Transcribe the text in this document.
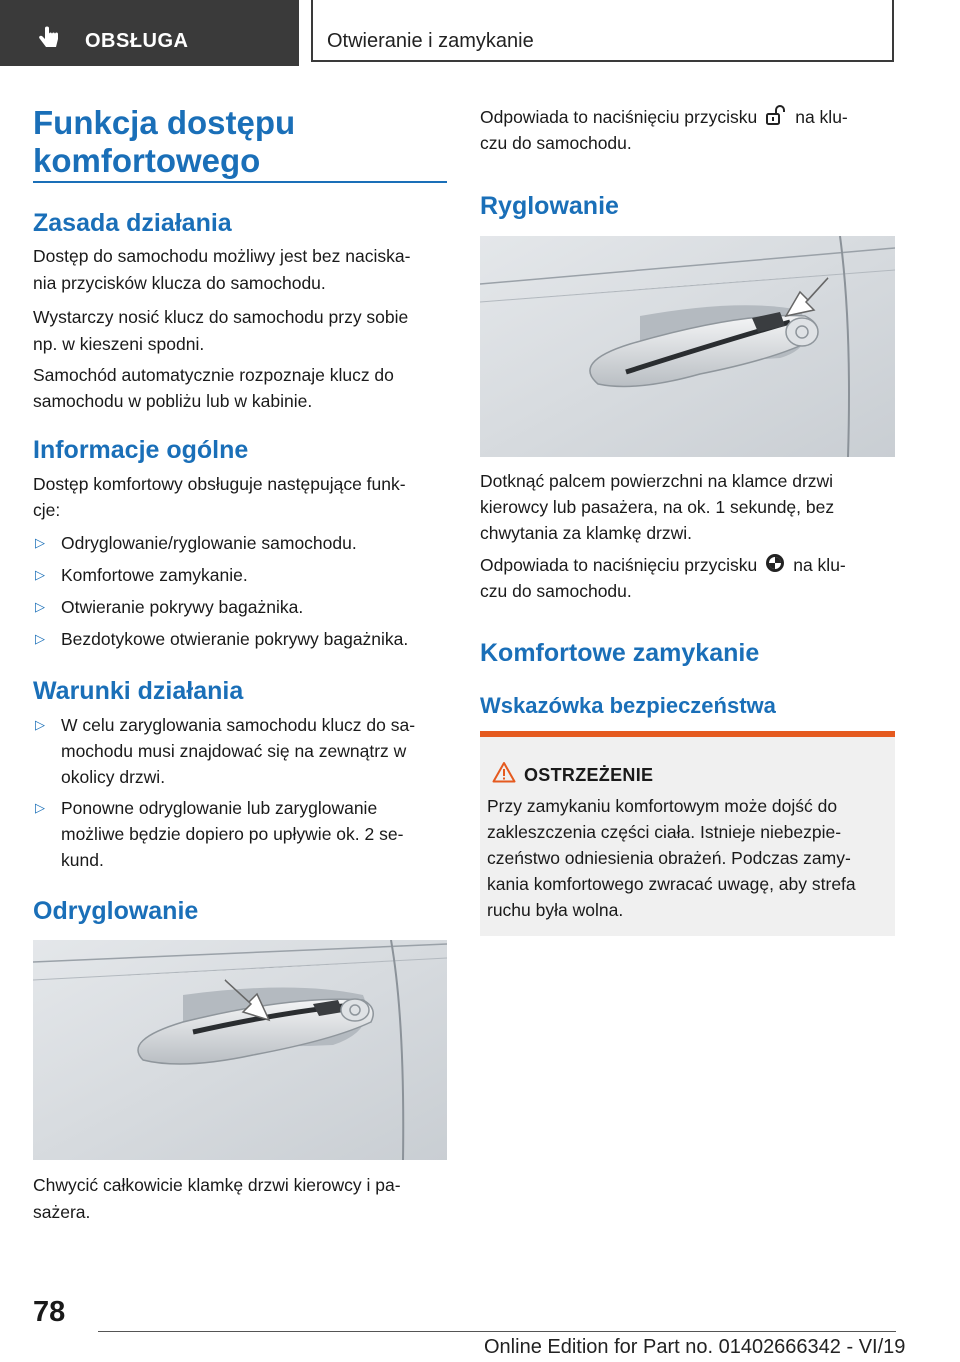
OBSŁUGA	Otwieranie i zamykanie
Funkcja dostępu
komfortowego
Zasada działania
Dostęp do samochodu możliwy jest bez naciska‐
nia przycisków klucza do samochodu.
Wystarczy nosić klucz do samochodu przy sobie
np. w kieszeni spodni.
Samochód automatycznie rozpoznaje klucz do
samochodu w pobliżu lub w kabinie.
Informacje ogólne
Dostęp komfortowy obsługuje następujące funk‐
cje:
▷ Odryglowanie/ryglowanie samochodu.
▷ Komfortowe zamykanie.
▷ Otwieranie pokrywy bagażnika.
▷ Bezdotykowe otwieranie pokrywy bagażnika.
Warunki działania
▷ W celu zaryglowania samochodu klucz do sa‐
mochodu musi znajdować się na zewnątrz w
okolicy drzwi.
▷ Ponowne odryglowanie lub zaryglowanie
możliwe będzie dopiero po upływie ok. 2 se‐
kund.
Odryglowanie
Chwycić całkowicie klamkę drzwi kierowcy i pa‐
sażera.
Odpowiada to naciśnięciu przycisku na klu‐
czu do samochodu.
Ryglowanie
Dotknąć palcem powierzchni na klamce drzwi
kierowcy lub pasażera, na ok. 1 sekundę, bez
chwytania za klamkę drzwi.
Odpowiada to naciśnięciu przycisku na klu‐
czu do samochodu.
Komfortowe zamykanie
Wskazówka bezpieczeństwa
OSTRZEŻENIE
Przy zamykaniu komfortowym może dojść do
zakleszczenia części ciała. Istnieje niebezpie‐
czeństwo odniesienia obrażeń. Podczas zamy‐
kania komfortowego zwracać uwagę, aby strefa
ruchu była wolna.
78
Online Edition for Part no. 01402666342 - VI/19
